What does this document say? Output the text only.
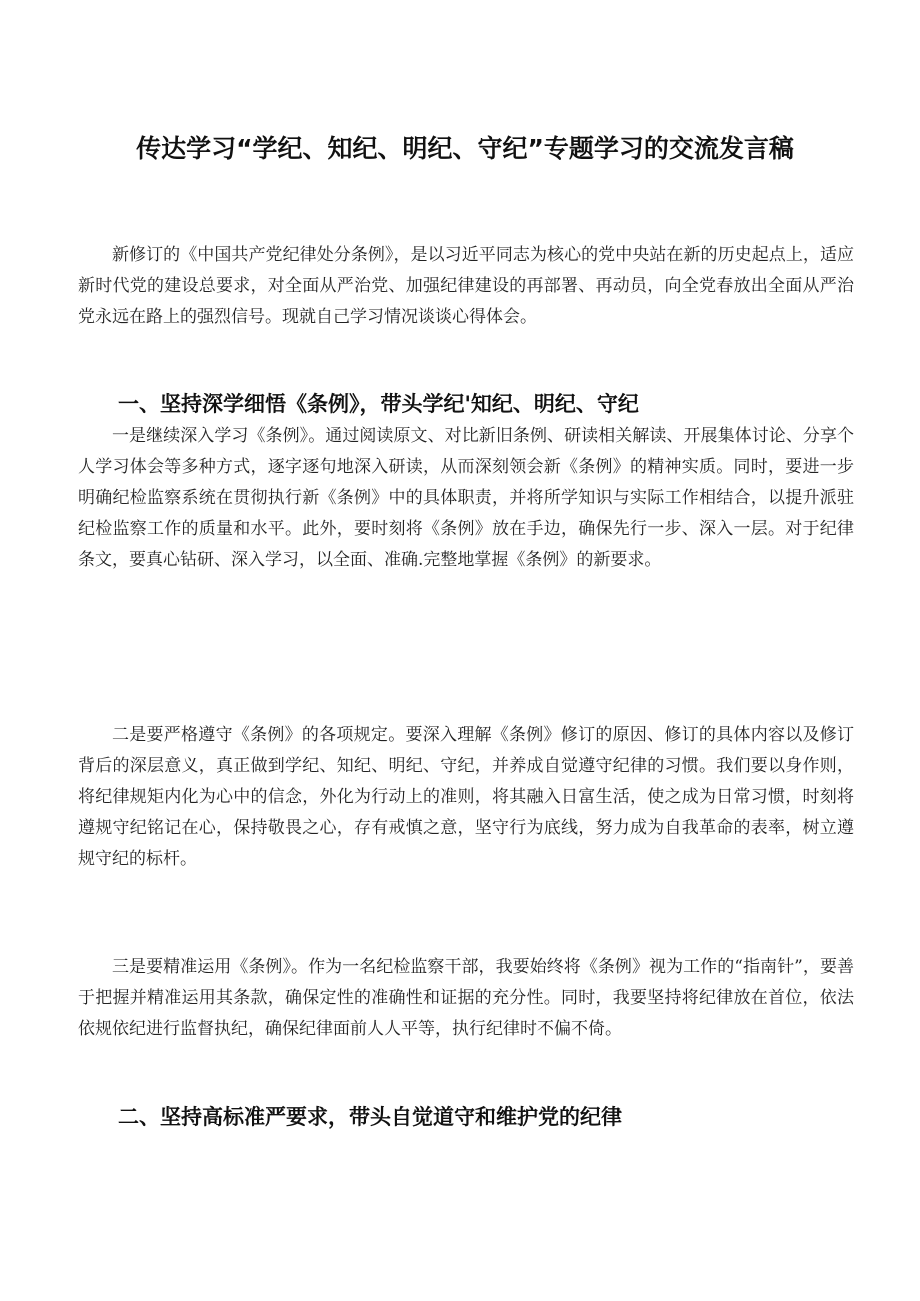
传达学习“学纪、知纪、明纪、守纪”专题学习的交流发言稿

新修订的《中国共产党纪律处分条例》，是以习近平同志为核心的党中央站在新的历史起点上，适应新时代党的建设总要求，对全面从严治党、加强纪律建设的再部署、再动员，向全党春放出全面从严治党永远在路上的强烈信号。现就自己学习情况谈谈心得体会。

一、坚持深学细悟《条例》，带头学纪'知纪、明纪、守纪

一是继续深入学习《条例》。通过阅读原文、对比新旧条例、研读相关解读、开展集体讨论、分享个人学习体会等多种方式，逐字逐句地深入研读，从而深刻领会新《条例》的精神实质。同时，要进一步明确纪检监察系统在贯彻执行新《条例》中的具体职责，并将所学知识与实际工作相结合，以提升派驻纪检监察工作的质量和水平。此外，要时刻将《条例》放在手边，确保先行一步、深入一层。对于纪律条文，要真心钻研、深入学习，以全面、准确.完整地掌握《条例》的新要求。

二是要严格遵守《条例》的各项规定。要深入理解《条例》修订的原因、修订的具体内容以及修订背后的深层意义，真正做到学纪、知纪、明纪、守纪，并养成自觉遵守纪律的习惯。我们要以身作则，将纪律规矩内化为心中的信念，外化为行动上的准则，将其融入日富生活，使之成为日常习惯，时刻将遵规守纪铭记在心，保持敬畏之心，存有戒慎之意，坚守行为底线，努力成为自我革命的表率，树立遵规守纪的标杆。

三是要精准运用《条例》。作为一名纪检监察干部，我要始终将《条例》视为工作的“指南针”，要善于把握并精准运用其条款，确保定性的准确性和证据的充分性。同时，我要坚持将纪律放在首位，依法依规依纪进行监督执纪，确保纪律面前人人平等，执行纪律时不偏不倚。

二、坚持高标准严要求，带头自觉道守和维护党的纪律
